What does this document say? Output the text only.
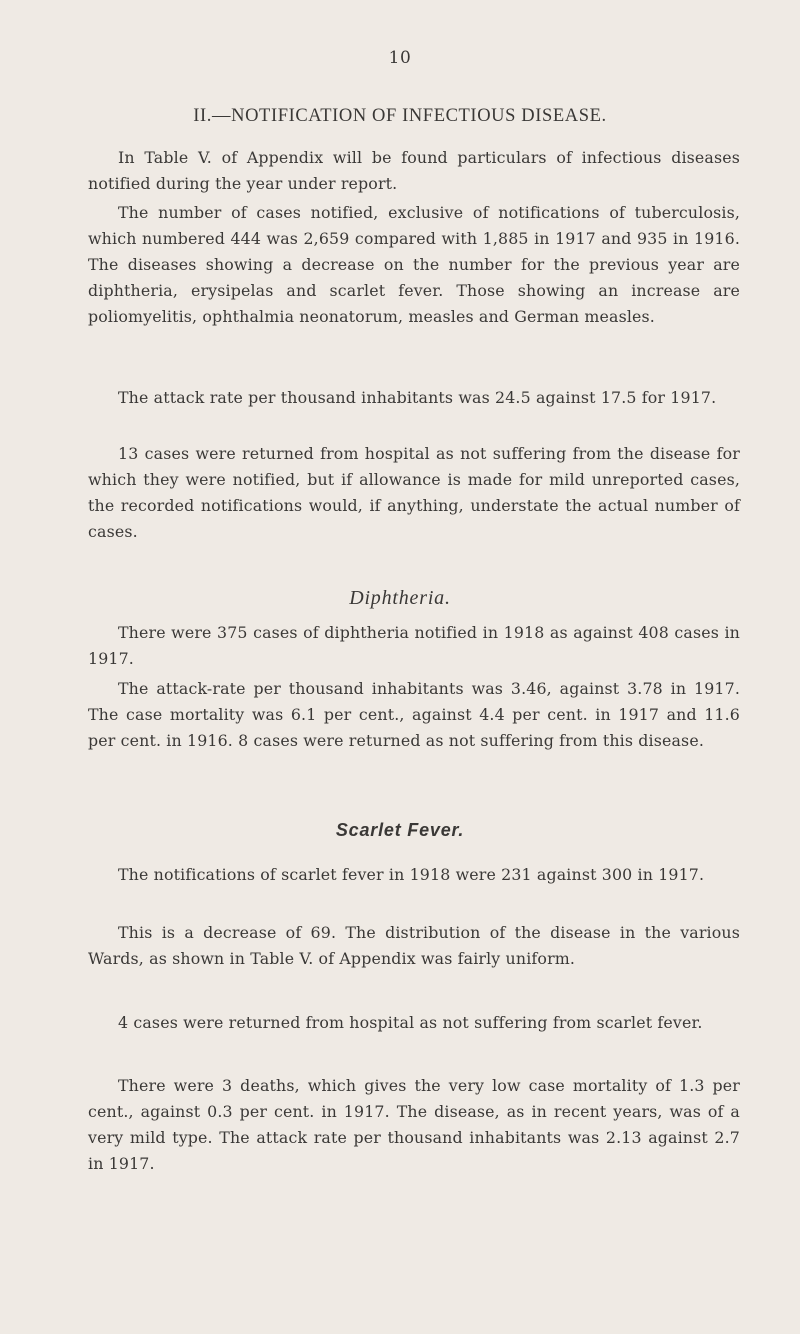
10
II.—NOTIFICATION OF INFECTIOUS DISEASE.

In Table V. of Appendix will be found particulars of infectious diseases notified during the year under report.

The number of cases notified, exclusive of notifications of tuberculosis, which numbered 444 was 2,659 compared with 1,885 in 1917 and 935 in 1916. The diseases showing a decrease on the number for the previous year are diphtheria, erysipelas and scarlet fever. Those showing an increase are poliomyelitis, ophthalmia neonatorum, measles and German measles.

The attack rate per thousand inhabitants was 24.5 against 17.5 for 1917.

13 cases were returned from hospital as not suffering from the disease for which they were notified, but if allowance is made for mild unreported cases, the recorded notifications would, if anything, understate the actual number of cases.

Diphtheria.

There were 375 cases of diphtheria notified in 1918 as against 408 cases in 1917.

The attack-rate per thousand inhabitants was 3.46, against 3.78 in 1917. The case mortality was 6.1 per cent., against 4.4 per cent. in 1917 and 11.6 per cent. in 1916. 8 cases were returned as not suffering from this disease.

Scarlet Fever.

The notifications of scarlet fever in 1918 were 231 against 300 in 1917.

This is a decrease of 69. The distribution of the disease in the various Wards, as shown in Table V. of Appendix was fairly uniform.

4 cases were returned from hospital as not suffering from scarlet fever.

There were 3 deaths, which gives the very low case mortality of 1.3 per cent., against 0.3 per cent. in 1917. The disease, as in recent years, was of a very mild type. The attack rate per thousand inhabitants was 2.13 against 2.7 in 1917.
